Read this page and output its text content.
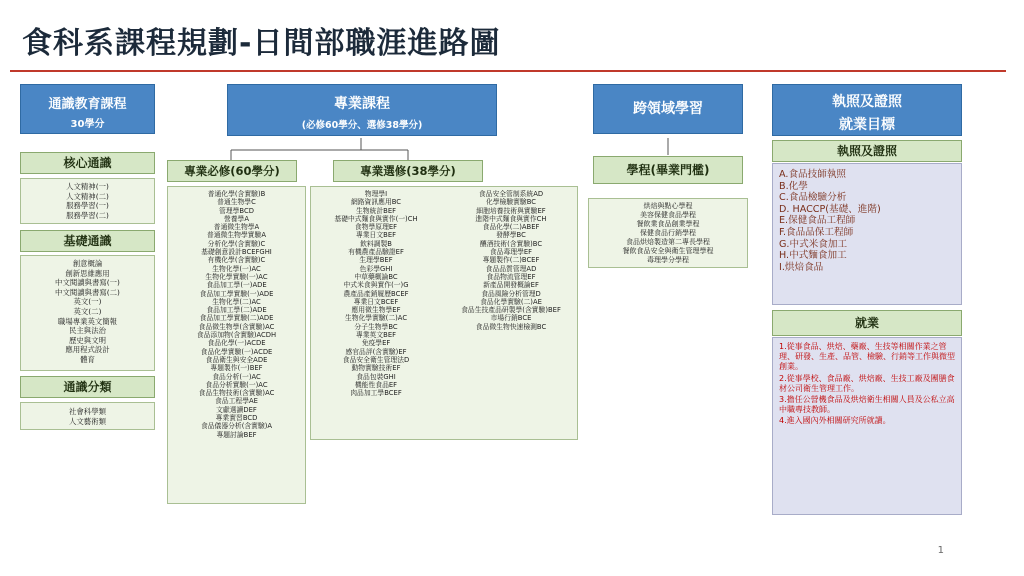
食科系課程規劃-日間部職涯進路圖
通識教育課程
30學分
核心通識
人文精神(一)
人文精神(二)
服務學習(一)
服務學習(二)
基礎通識
創意概論
創新思維應用
中文閱讀與書寫(一)
中文閱讀與書寫(二)
英文(一)
英文(二)
職場專業英文簡報
民主與法治
歷史與文明
應用程式設計
體育
通識分類
社會科學類
人文藝術類
專業課程
(必修60學分、選修38學分)
專業必修(60學分)
普通化學(含實驗)B
普通生物學C
管理學BCD
營養學A
普通微生物學A
普通微生物學實驗A
分析化學(含實驗)C
基礎創意設計BCEFGHI
有機化學(含實驗)C
生物化學(一)AC
生物化學實驗(一)AC
食品加工學(一)ADE
食品加工學實驗(一)ADE
生物化學(二)AC
食品加工學(二)ADE
食品加工學實驗(二)ADE
食品微生物學(含實驗)AC
食品添加物(含實驗)ACDH
食品化學(一)ACDE
食品化學實驗(一)ACDE
食品衛生與安全ADE
專題製作(一)BEF
食品分析(一)AC
食品分析實驗(一)AC
食品生物技術(含實驗)AC
食品工程學AE
文獻選讀DEF
專業實習BCD
食品儀器分析(含實驗)A
專題討論BEF
專業選修(38學分)
物理學I
網路資訊應用BC
生物統計BEF
基礎中式麵食與實作(一)CH
食物學原理EF
專業日文BEF
飲料調製B
有機農產品驗證EF
生理學BEF
色彩學GHI
中草藥概論BC
中式米食與實作(一)G
農產品產銷履歷BCEF
專業日文BCEF
應用微生物學EF
生物化學實驗(二)AC
分子生物學BC
專業英文BEF
免疫學EF
感官品評(含實驗)EF
食品安全衛生管理法D
動物實驗技術EF
食品包裝GHI
機能性食品EF
肉品加工學BCEF
食品安全管制系統AD
化學檢驗實驗BC
細胞培養技術與實驗EF
進階中式麵食與實作CH
食品化學(二)ABEF
發酵學BC
釀酒技術(含實驗)BC
食品毒理學EF
專題製作(二)BCEF
食品品質管理AD
食品物流管理EF
新產品開發概論EF
食品風險分析管理D
食品化學實驗(二)AE
食品生技產品研製學(含實驗)BEF
市場行銷BCE
食品微生物快速檢測BC
跨領域學習
學程(畢業門檻)
烘焙與點心學程
美容保健食品學程
餐飲業食品創業學程
保健食品行銷學程
食品烘焙製造第二專長學程
餐飲食品安全與衛生管理學程
毒理學分學程
執照及證照
就業目標
執照及證照
A.食品技師執照
B.化學
C.食品檢驗分析
D. HACCP(基礎、進階)
E.保健食品工程師
F.食品品保工程師
G.中式米食加工
H.中式麵食加工
I.烘焙食品
就業
1.從事食品、烘焙、藥廠、生技等相關作業之管理、研發、生產、品管、檢驗、行銷等工作與微型創業。
2.從事學校、食品廠、烘焙廠、生技工廠及團膳食材公司衛生管理工作。
3.擔任公營機食品及烘焙衛生相關人員及公私立高中職專技教師。
4.進入國內外相關研究所就讀。
1
